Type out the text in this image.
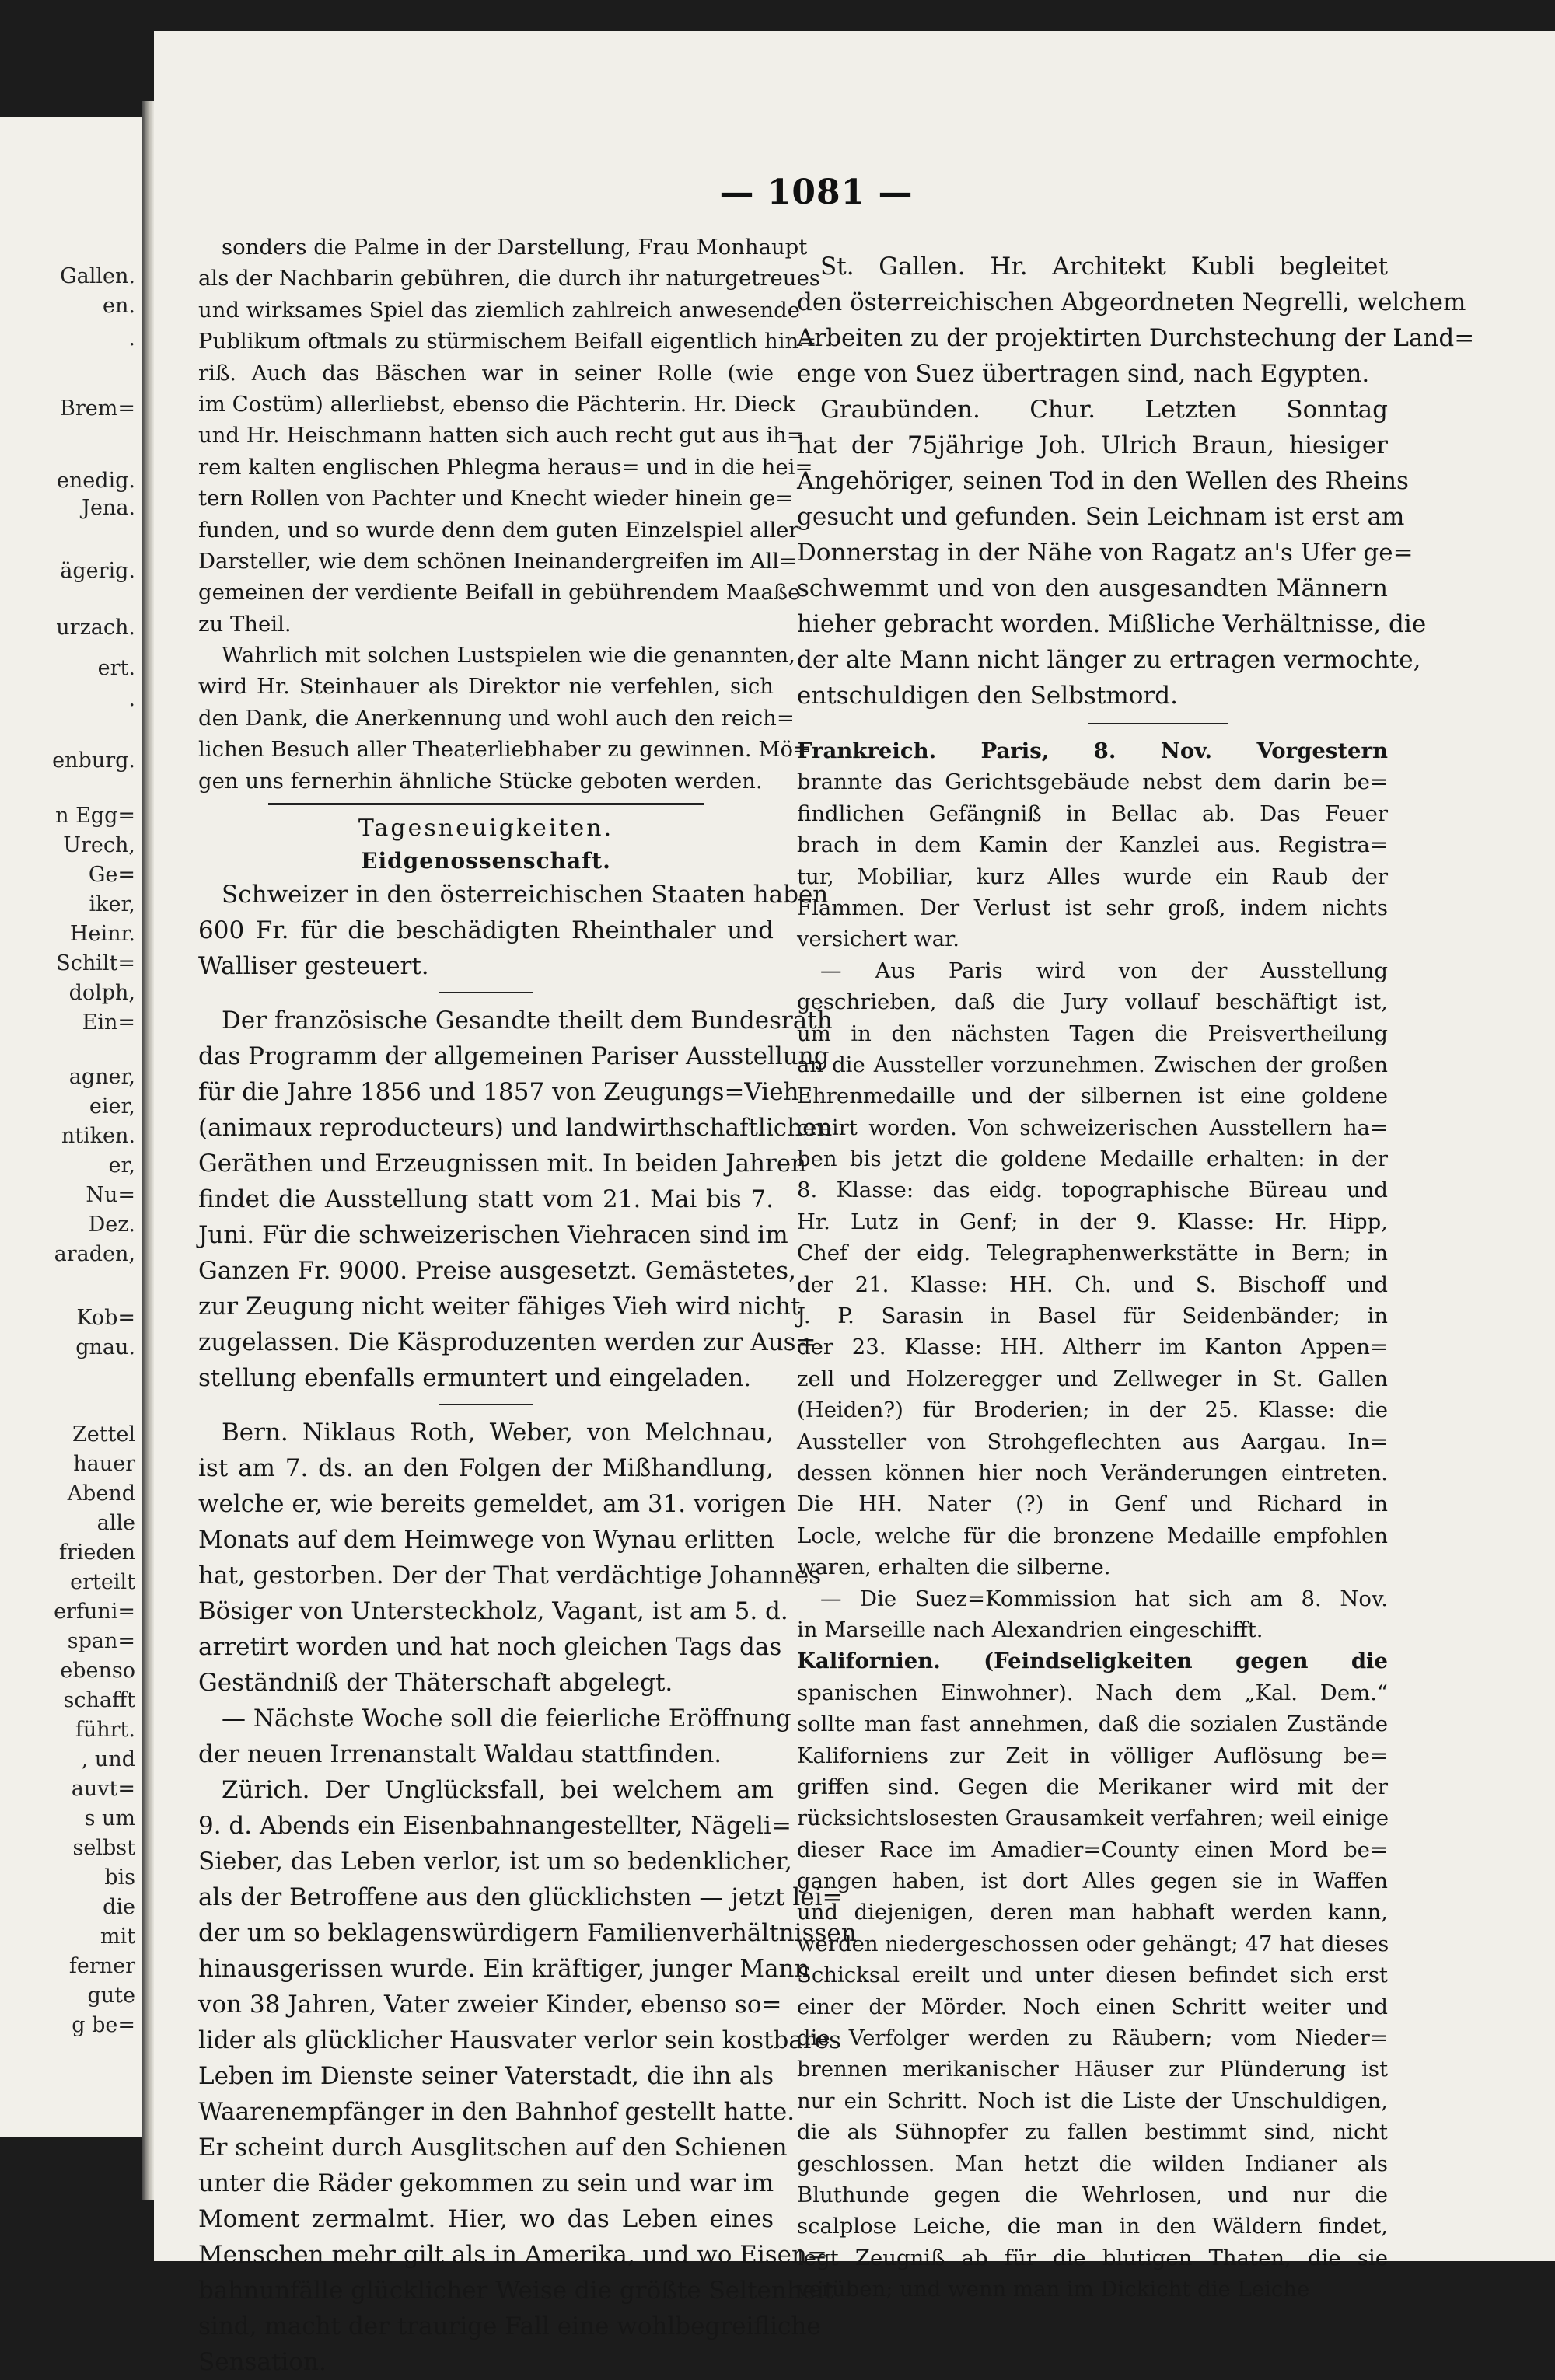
Gallen.
en.
.
Brem=
enedig.
Jena.
ägerig.
urzach.
ert.
.
enburg.
n Egg=
Urech,
Ge=
iker,
Heinr.
Schilt=
dolph,
Ein=
agner,
eier,
ntiken.
er,
Nu=
Dez.
araden,
Kob=
gnau.
Zettel
hauer
Abend
alle
frieden
erteilt
erfuni=
span=
ebenso
schafft
führt.
, und
auvt=
s um
selbst
bis
die
mit
ferner
gute
g be=
— 1081 —
sonders die Palme in der Darstellung, Frau Monhaupt
als der Nachbarin gebühren, die durch ihr naturgetreues
und wirksames Spiel das ziemlich zahlreich anwesende
Publikum oftmals zu stürmischem Beifall eigentlich hin=
riß. Auch das Bäschen war in seiner Rolle (wie
im Costüm) allerliebst, ebenso die Pächterin. Hr. Dieck
und Hr. Heischmann hatten sich auch recht gut aus ih=
rem kalten englischen Phlegma heraus= und in die hei=
tern Rollen von Pachter und Knecht wieder hinein ge=
funden, und so wurde denn dem guten Einzelspiel aller
Darsteller, wie dem schönen Ineinandergreifen im All=
gemeinen der verdiente Beifall in gebührendem Maaße
zu Theil.
Wahrlich mit solchen Lustspielen wie die genannten,
wird Hr. Steinhauer als Direktor nie verfehlen, sich
den Dank, die Anerkennung und wohl auch den reich=
lichen Besuch aller Theaterliebhaber zu gewinnen. Mö=
gen uns fernerhin ähnliche Stücke geboten werden.
Tagesneuigkeiten.
Eidgenossenschaft.
Schweizer in den österreichischen Staaten haben
600 Fr. für die beschädigten Rheinthaler und
Walliser gesteuert.
Der französische Gesandte theilt dem Bundesrath
das Programm der allgemeinen Pariser Ausstellung
für die Jahre 1856 und 1857 von Zeugungs=Vieh
(animaux reproducteurs) und landwirthschaftlichen
Geräthen und Erzeugnissen mit. In beiden Jahren
findet die Ausstellung statt vom 21. Mai bis 7.
Juni. Für die schweizerischen Viehracen sind im
Ganzen Fr. 9000. Preise ausgesetzt. Gemästetes,
zur Zeugung nicht weiter fähiges Vieh wird nicht
zugelassen. Die Käsproduzenten werden zur Aus=
stellung ebenfalls ermuntert und eingeladen.
Bern. Niklaus Roth, Weber, von Melchnau,
ist am 7. ds. an den Folgen der Mißhandlung,
welche er, wie bereits gemeldet, am 31. vorigen
Monats auf dem Heimwege von Wynau erlitten
hat, gestorben. Der der That verdächtige Johannes
Bösiger von Untersteckholz, Vagant, ist am 5. d.
arretirt worden und hat noch gleichen Tags das
Geständniß der Thäterschaft abgelegt.
— Nächste Woche soll die feierliche Eröffnung
der neuen Irrenanstalt Waldau stattfinden.
Zürich. Der Unglücksfall, bei welchem am
9. d. Abends ein Eisenbahnangestellter, Nägeli=
Sieber, das Leben verlor, ist um so bedenklicher,
als der Betroffene aus den glücklichsten — jetzt lei=
der um so beklagenswürdigern Familienverhältnissen
hinausgerissen wurde. Ein kräftiger, junger Mann
von 38 Jahren, Vater zweier Kinder, ebenso so=
lider als glücklicher Hausvater verlor sein kostbares
Leben im Dienste seiner Vaterstadt, die ihn als
Waarenempfänger in den Bahnhof gestellt hatte.
Er scheint durch Ausglitschen auf den Schienen
unter die Räder gekommen zu sein und war im
Moment zermalmt. Hier, wo das Leben eines
Menschen mehr gilt als in Amerika, und wo Eisen=
bahnunfälle glücklicher Weise die größte Seltenheit
sind, macht der traurige Fall eine wohlbegreifliche
Sensation.
St. Gallen. Hr. Architekt Kubli begleitet
den österreichischen Abgeordneten Negrelli, welchem
Arbeiten zu der projektirten Durchstechung der Land=
enge von Suez übertragen sind, nach Egypten.
Graubünden. Chur. Letzten Sonntag
hat der 75jährige Joh. Ulrich Braun, hiesiger
Angehöriger, seinen Tod in den Wellen des Rheins
gesucht und gefunden. Sein Leichnam ist erst am
Donnerstag in der Nähe von Ragatz an's Ufer ge=
schwemmt und von den ausgesandten Männern
hieher gebracht worden. Mißliche Verhältnisse, die
der alte Mann nicht länger zu ertragen vermochte,
entschuldigen den Selbstmord.
Frankreich. Paris, 8. Nov. Vorgestern
brannte das Gerichtsgebäude nebst dem darin be=
findlichen Gefängniß in Bellac ab. Das Feuer
brach in dem Kamin der Kanzlei aus. Registra=
tur, Mobiliar, kurz Alles wurde ein Raub der
Flammen. Der Verlust ist sehr groß, indem nichts
versichert war.
— Aus Paris wird von der Ausstellung
geschrieben, daß die Jury vollauf beschäftigt ist,
um in den nächsten Tagen die Preisvertheilung
an die Aussteller vorzunehmen. Zwischen der großen
Ehrenmedaille und der silbernen ist eine goldene
creirt worden. Von schweizerischen Ausstellern ha=
ben bis jetzt die goldene Medaille erhalten: in der
8. Klasse: das eidg. topographische Büreau und
Hr. Lutz in Genf; in der 9. Klasse: Hr. Hipp,
Chef der eidg. Telegraphenwerkstätte in Bern; in
der 21. Klasse: HH. Ch. und S. Bischoff und
J. P. Sarasin in Basel für Seidenbänder; in
der 23. Klasse: HH. Altherr im Kanton Appen=
zell und Holzeregger und Zellweger in St. Gallen
(Heiden?) für Broderien; in der 25. Klasse: die
Aussteller von Strohgeflechten aus Aargau. In=
dessen können hier noch Veränderungen eintreten.
Die HH. Nater (?) in Genf und Richard in
Locle, welche für die bronzene Medaille empfohlen
waren, erhalten die silberne.
— Die Suez=Kommission hat sich am 8. Nov.
in Marseille nach Alexandrien eingeschifft.
Kalifornien. (Feindseligkeiten gegen die
spanischen Einwohner). Nach dem „Kal. Dem.“
sollte man fast annehmen, daß die sozialen Zustände
Kaliforniens zur Zeit in völliger Auflösung be=
griffen sind. Gegen die Merikaner wird mit der
rücksichtslosesten Grausamkeit verfahren; weil einige
dieser Race im Amadier=County einen Mord be=
gangen haben, ist dort Alles gegen sie in Waffen
und diejenigen, deren man habhaft werden kann,
werden niedergeschossen oder gehängt; 47 hat dieses
Schicksal ereilt und unter diesen befindet sich erst
einer der Mörder. Noch einen Schritt weiter und
die Verfolger werden zu Räubern; vom Nieder=
brennen merikanischer Häuser zur Plünderung ist
nur ein Schritt. Noch ist die Liste der Unschuldigen,
die als Sühnopfer zu fallen bestimmt sind, nicht
geschlossen. Man hetzt die wilden Indianer als
Bluthunde gegen die Wehrlosen, und nur die
scalplose Leiche, die man in den Wäldern findet,
legt Zeugniß ab für die blutigen Thaten, die sie
verüben; und wenn man im Dickicht die Leiche
